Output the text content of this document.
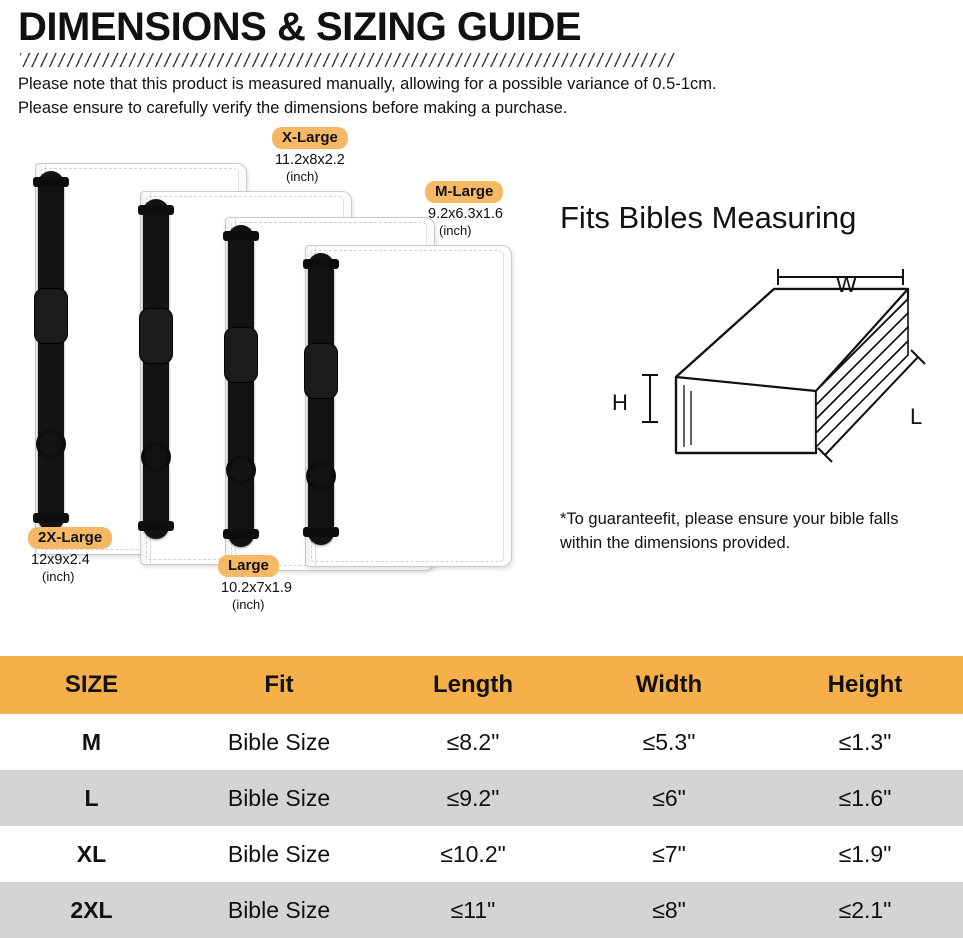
DIMENSIONS & SIZING GUIDE
Please note that this product is measured manually, allowing for a possible variance of 0.5-1cm.
Please ensure to carefully verify the dimensions before making a purchase.
X-Large
11.2x8x2.2
(inch)
M-Large
9.2x6.3x1.6
(inch)
2X-Large
12x9x2.4
(inch)
Large
10.2x7x1.9
(inch)
Fits Bibles Measuring
W
H
L
*To guaranteefit, please ensure your bible falls
within the dimensions provided.
SIZE	Fit	Length	Width	Height
M	Bible Size	≤8.2"	≤5.3"	≤1.3"
L	Bible Size	≤9.2"	≤6"	≤1.6"
XL	Bible Size	≤10.2"	≤7"	≤1.9"
2XL	Bible Size	≤11"	≤8"	≤2.1"
